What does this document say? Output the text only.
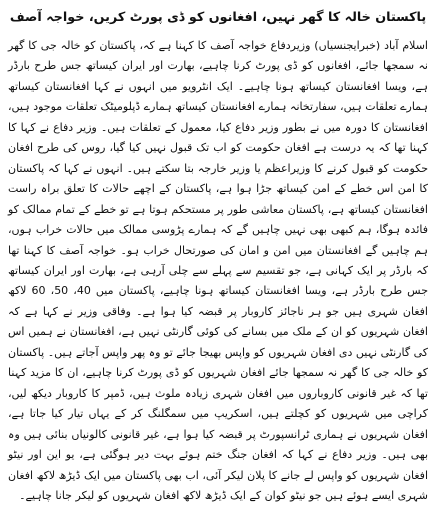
پاکستان خالہ کا گھر نہیں، افغانوں کو ڈی پورٹ کریں، خواجہ آصف

اسلام آباد (خبرایجنسیاں) وزیردفاع خواجہ آصف کا کہنا ہے کہ، پاکستان کو خالہ جی کا گھر نہ سمجھا جائے، افغانوں کو ڈی پورٹ کرنا چاہیے، بھارت اور ایران کیساتھ جس طرح بارڈر ہے، ویسا افغانستان کیساتھ ہونا چاہیے۔ ایک انٹرویو میں انہوں نے کہا افغانستان کیساتھ ہمارے تعلقات ہیں، سفارتخانہ ہمارے افغانستان کیساتھ ہمارے ڈپلومیٹک تعلقات موجود ہیں، افغانستان کا دورہ میں نے بطور وزیر دفاع کیا، معمول کے تعلقات ہیں۔ وزیر دفاع نے کہا کا کہنا تھا کہ یہ درست ہے افغان حکومت کو اب تک قبول نہیں کیا گیا، روس کی طرح افغان حکومت کو قبول کرنے کا وزیراعظم یا وزیر خارجہ بتا سکتے ہیں۔ انہوں نے کہا کہ پاکستان کا امن اس خطے کے امن کیساتھ جڑا ہوا ہے، پاکستان کے اچھے حالات کا تعلق براہ راست افغانستان کیساتھ ہے، پاکستان معاشی طور پر مستحکم ہوتا ہے تو خطے کے تمام ممالک کو فائدہ ہوگا، ہم کبھی بھی نہیں چاہیں گے کہ ہمارے پڑوسی ممالک میں حالات خراب ہوں، ہم چاہیں گے افغانستان میں امن و امان کی صورتحال خراب ہو۔ خواجہ آصف کا کہنا تھا کہ بارڈر پر ایک کہانی ہے، جو تقسیم سے پہلے سے چلی آرہی ہے، بھارت اور ایران کیساتھ جس طرح بارڈر ہے، ویسا افغانستان کیساتھ ہونا چاہیے، پاکستان میں 40، 50، 60 لاکھ افغان شہری ہیں جو ہر ناجائز کاروبار پر قبضہ کیا ہوا ہے۔ وفاقی وزیر نے کہا ہے کہ افغان شہریوں کو ان کے ملک میں بسانے کی کوئی گارنٹی نہیں ہے، افغانستان نے ہمیں اس کی گارنٹی نہیں دی افغان شہریوں کو واپس بھیجا جائے تو وہ پھر واپس آجاتے ہیں۔ پاکستان کو خالہ جی کا گھر نہ سمجھا جائے افغان شہریوں کو ڈی پورٹ کرنا چاہیے، ان کا مزید کہنا تھا کہ غیر قانونی کاروباروں میں افغان شہری زیادہ ملوث ہیں، ڈمپر کا کاروبار دیکھ لیں، کراچی میں شہریوں کو کچلتے ہیں، اسکریپ میں سمگلنگ کر کے یہاں تیار کیا جاتا ہے، افغان شہریوں نے ہماری ٹرانسپورٹ پر قبضہ کیا ہوا ہے، غیر قانونی کالونیاں بنائی ہیں وہ بھی ہیں۔ وزیر دفاع نے کہا کہ افغان جنگ ختم ہوئے بہت دیر ہوگئی ہے، یو این اور نیٹو افغان شہریوں کو واپس لے جانے کا پلان لیکر آئی، اب بھی پاکستان میں ایک ڈیڑھ لاکھ افغان شہری ایسے ہوئے ہیں جو نیٹو کوان کے ایک ڈیڑھ لاکھ افغان شہریوں کو لیکر جانا چاہیے۔
